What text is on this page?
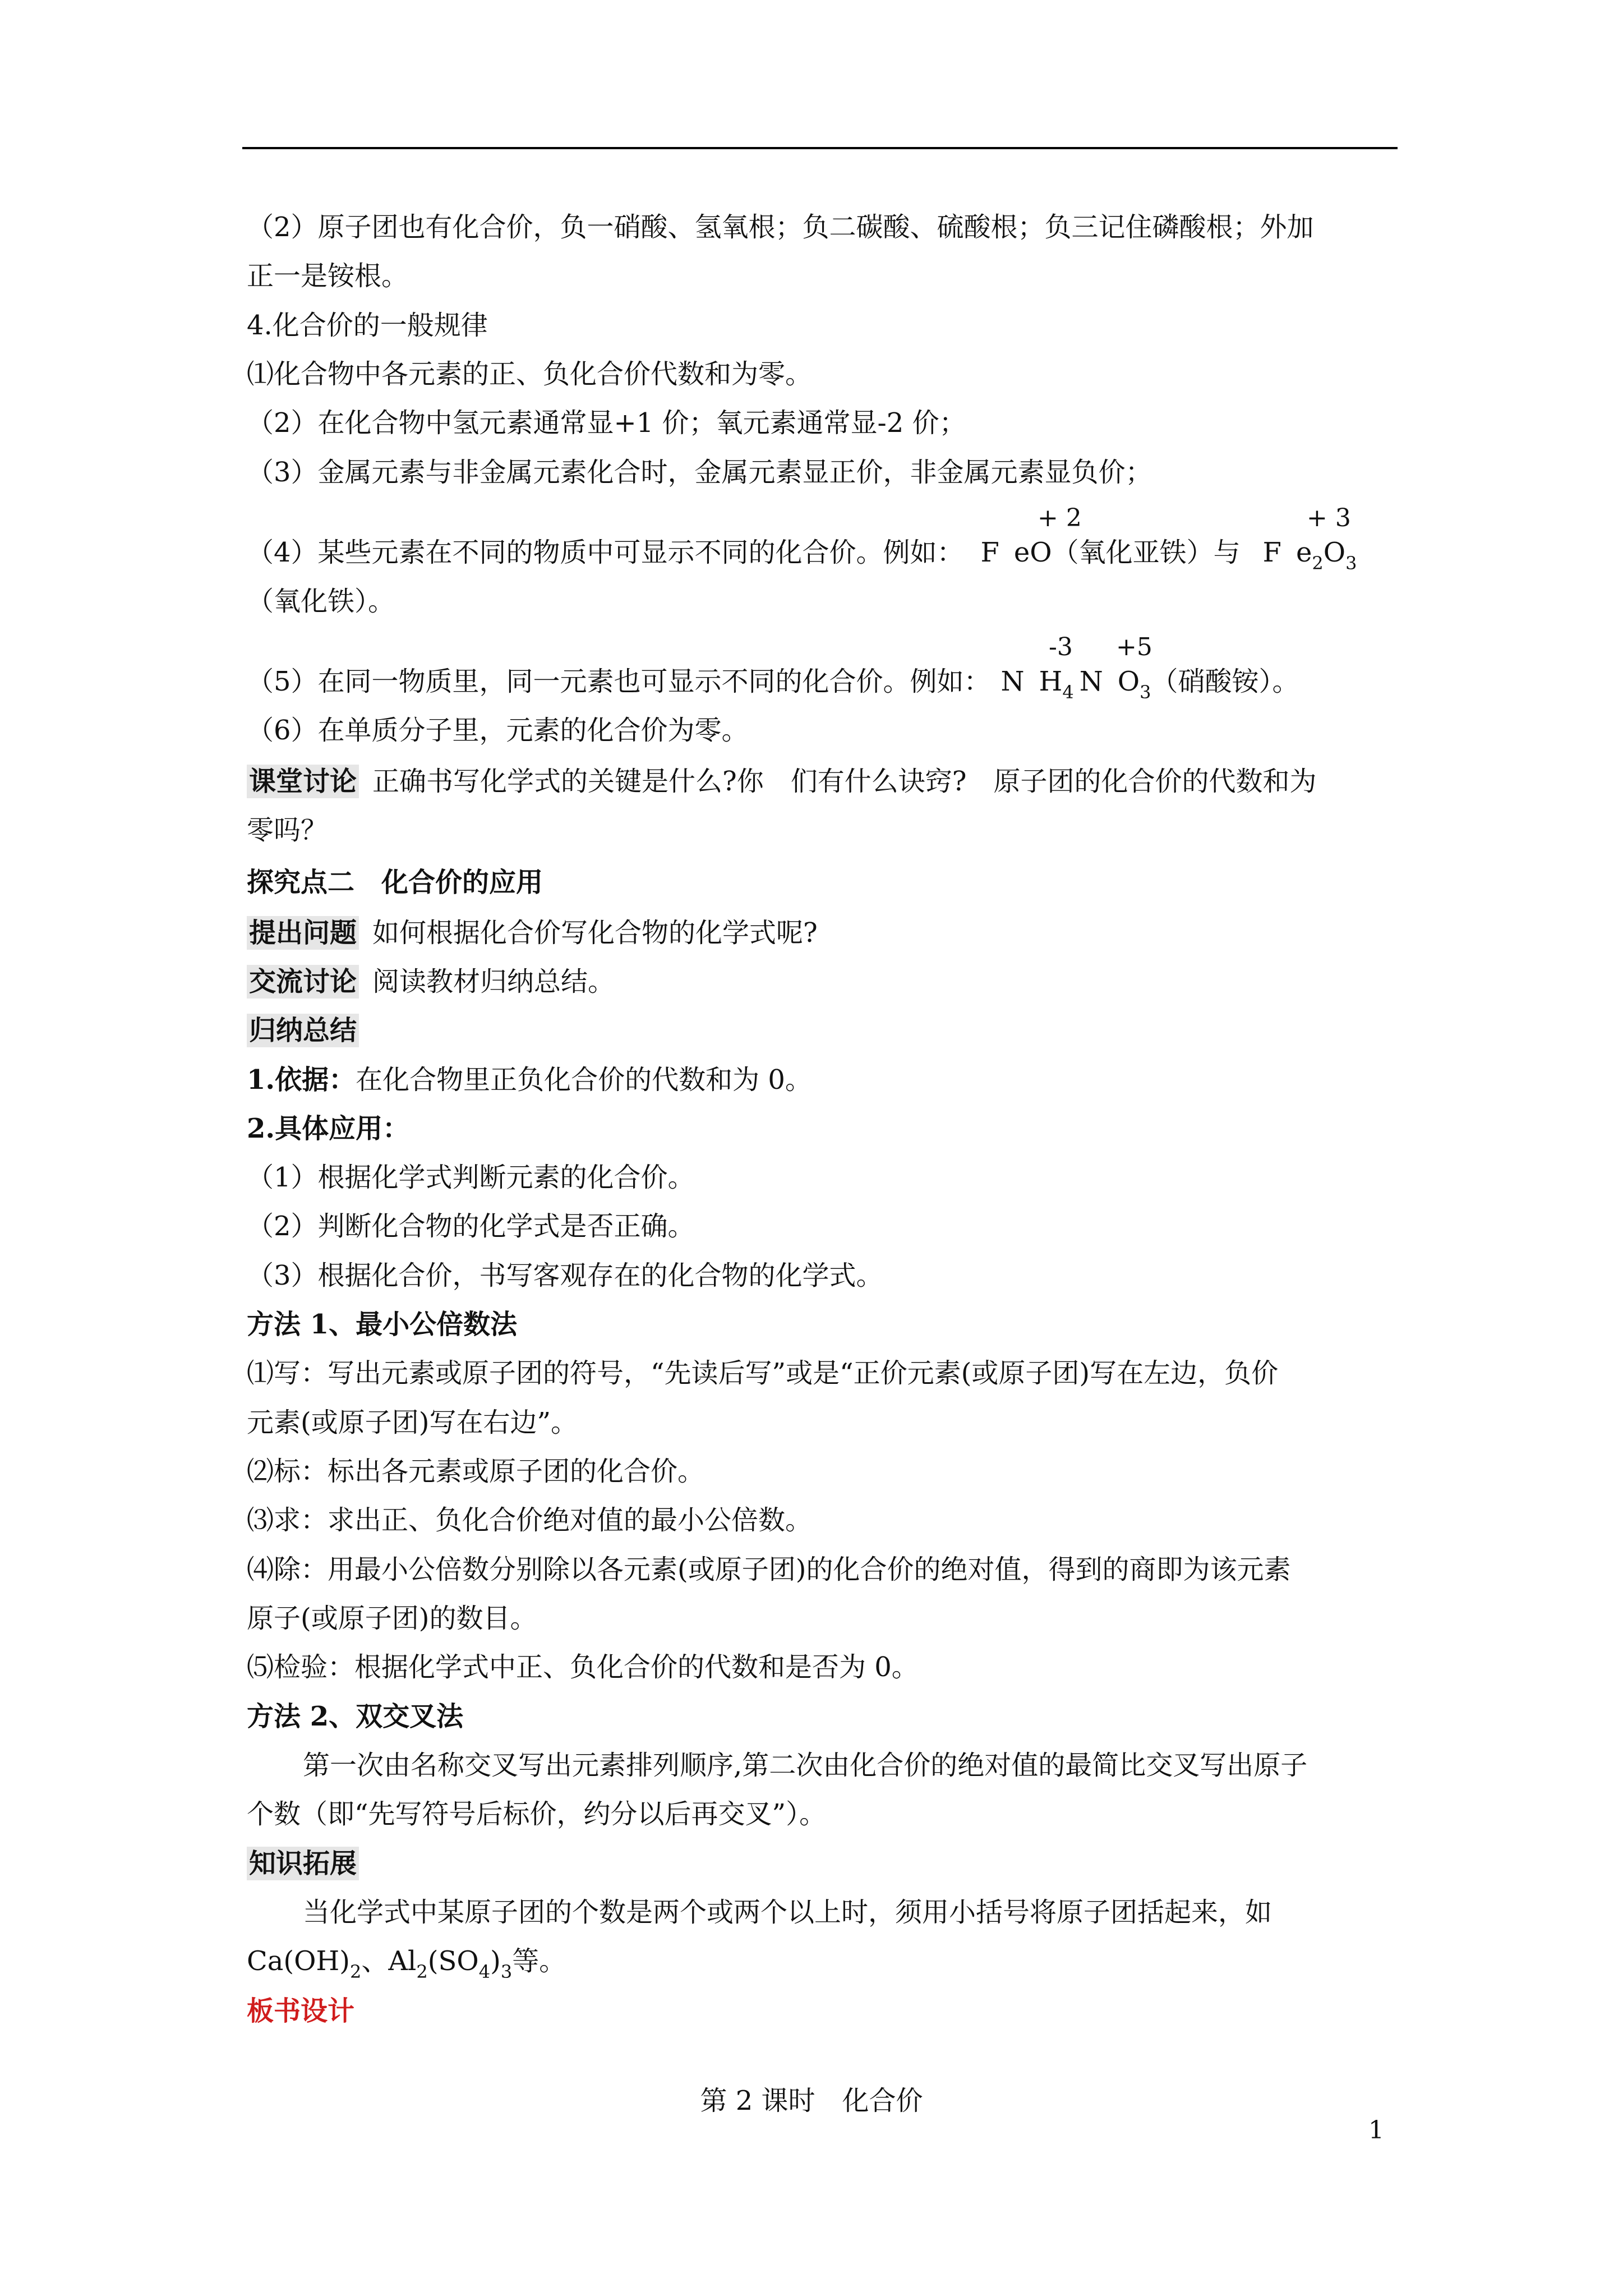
（2）原子团也有化合价，负一硝酸、氢氧根；负二碳酸、硫酸根；负三记住磷酸根；外加
正一是铵根。
4.化合价的一般规律
⑴化合物中各元素的正、负化合价代数和为零。
（2）在化合物中氢元素通常显+1 价；氧元素通常显-2 价；
（3）金属元素与非金属元素化合时，金属元素显正价，非金属元素显负价；
+ 2	+ 3
（4）某些元素在不同的物质中可显示不同的化合价。例如： F eO（氧化亚铁）与 F $e_2O_3$
（氧化铁）。
-3 +5
（5）在同一物质里，同一元素也可显示不同的化合价。例如： N $H_4$ N $O_3$（硝酸铵）。
（6）在单质分子里，元素的化合价为零。
课堂讨论 正确书写化学式的关键是什么?你　们有什么诀窍?　原子团的化合价的代数和为
零吗？
探究点二　化合价的应用
提出问题 如何根据化合价写化合物的化学式呢?
交流讨论 阅读教材归纳总结。
归纳总结
1.依据：在化合物里正负化合价的代数和为 0。
2.具体应用：
（1）根据化学式判断元素的化合价。
（2）判断化合物的化学式是否正确。
（3）根据化合价，书写客观存在的化合物的化学式。
方法 1、最小公倍数法
⑴写：写出元素或原子团的符号，“先读后写”或是“正价元素(或原子团)写在左边，负价
元素(或原子团)写在右边”。
⑵标：标出各元素或原子团的化合价。
⑶求：求出正、负化合价绝对值的最小公倍数。
⑷除：用最小公倍数分别除以各元素(或原子团)的化合价的绝对值，得到的商即为该元素
原子(或原子团)的数目。
⑸检验：根据化学式中正、负化合价的代数和是否为 0。
方法 2、双交叉法
第一次由名称交叉写出元素排列顺序,第二次由化合价的绝对值的最简比交叉写出原子
个数（即“先写符号后标价，约分以后再交叉”）。
知识拓展
当化学式中某原子团的个数是两个或两个以上时，须用小括号将原子团括起来，如
$Ca(OH)_2$、$Al_2(SO_4)_3$等。
板书设计
第 2 课时　化合价
1
